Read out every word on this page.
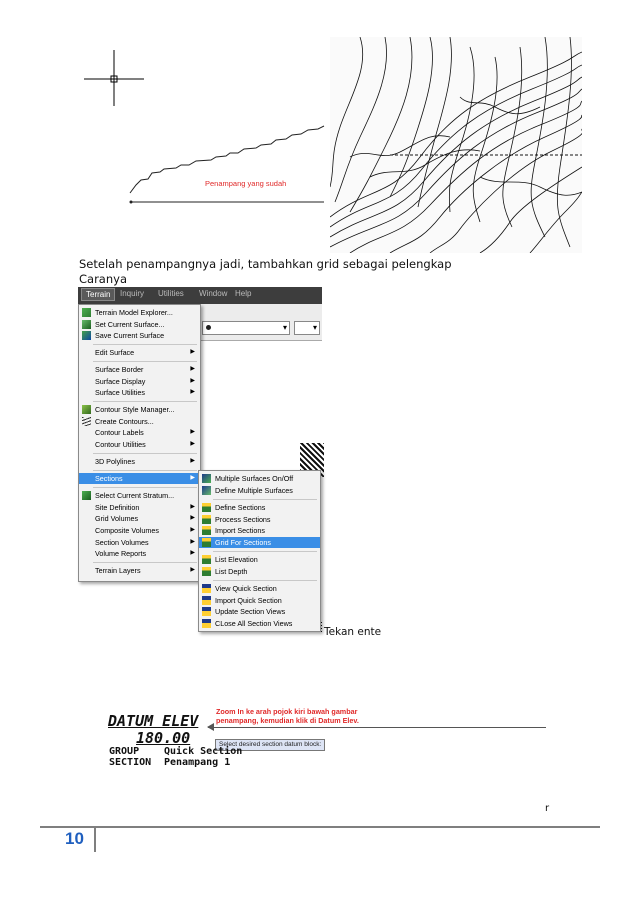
Penampang yang sudah
Setelah penampangnya jadi, tambahkan grid sebagai pelengkap
Caranya
Terrain	Inquiry Utilities Window Help
▾	▾
Terrain Model Explorer...
Set Current Surface...
Save Current Surface
Edit Surface	▶
Surface Border	▶
Surface Display	▶
Surface Utilities	▶
Contour Style Manager...
Create Contours...
Contour Labels	▶
Contour Utilities	▶
3D Polylines	▶
Sections	▶
Select Current Stratum...
Site Definition	▶
Grid Volumes	▶
Composite Volumes	▶
Section Volumes	▶
Volume Reports	▶
Terrain Layers	▶
Multiple Surfaces On/Off
Define Multiple Surfaces
Define Sections
Process Sections
Import Sections
Grid For Sections
List Elevation
List Depth
View Quick Section
Import Quick Section
Update Section Views
CLose All Section Views
Tekan ente
DATUM ELEV
180.00
Zoom In ke arah pojok kiri bawah gambar
penampang, kemudian klik di Datum Elev.
Select desired section datum block:
GROUP Quick Section
SECTION Penampang 1
r
10
